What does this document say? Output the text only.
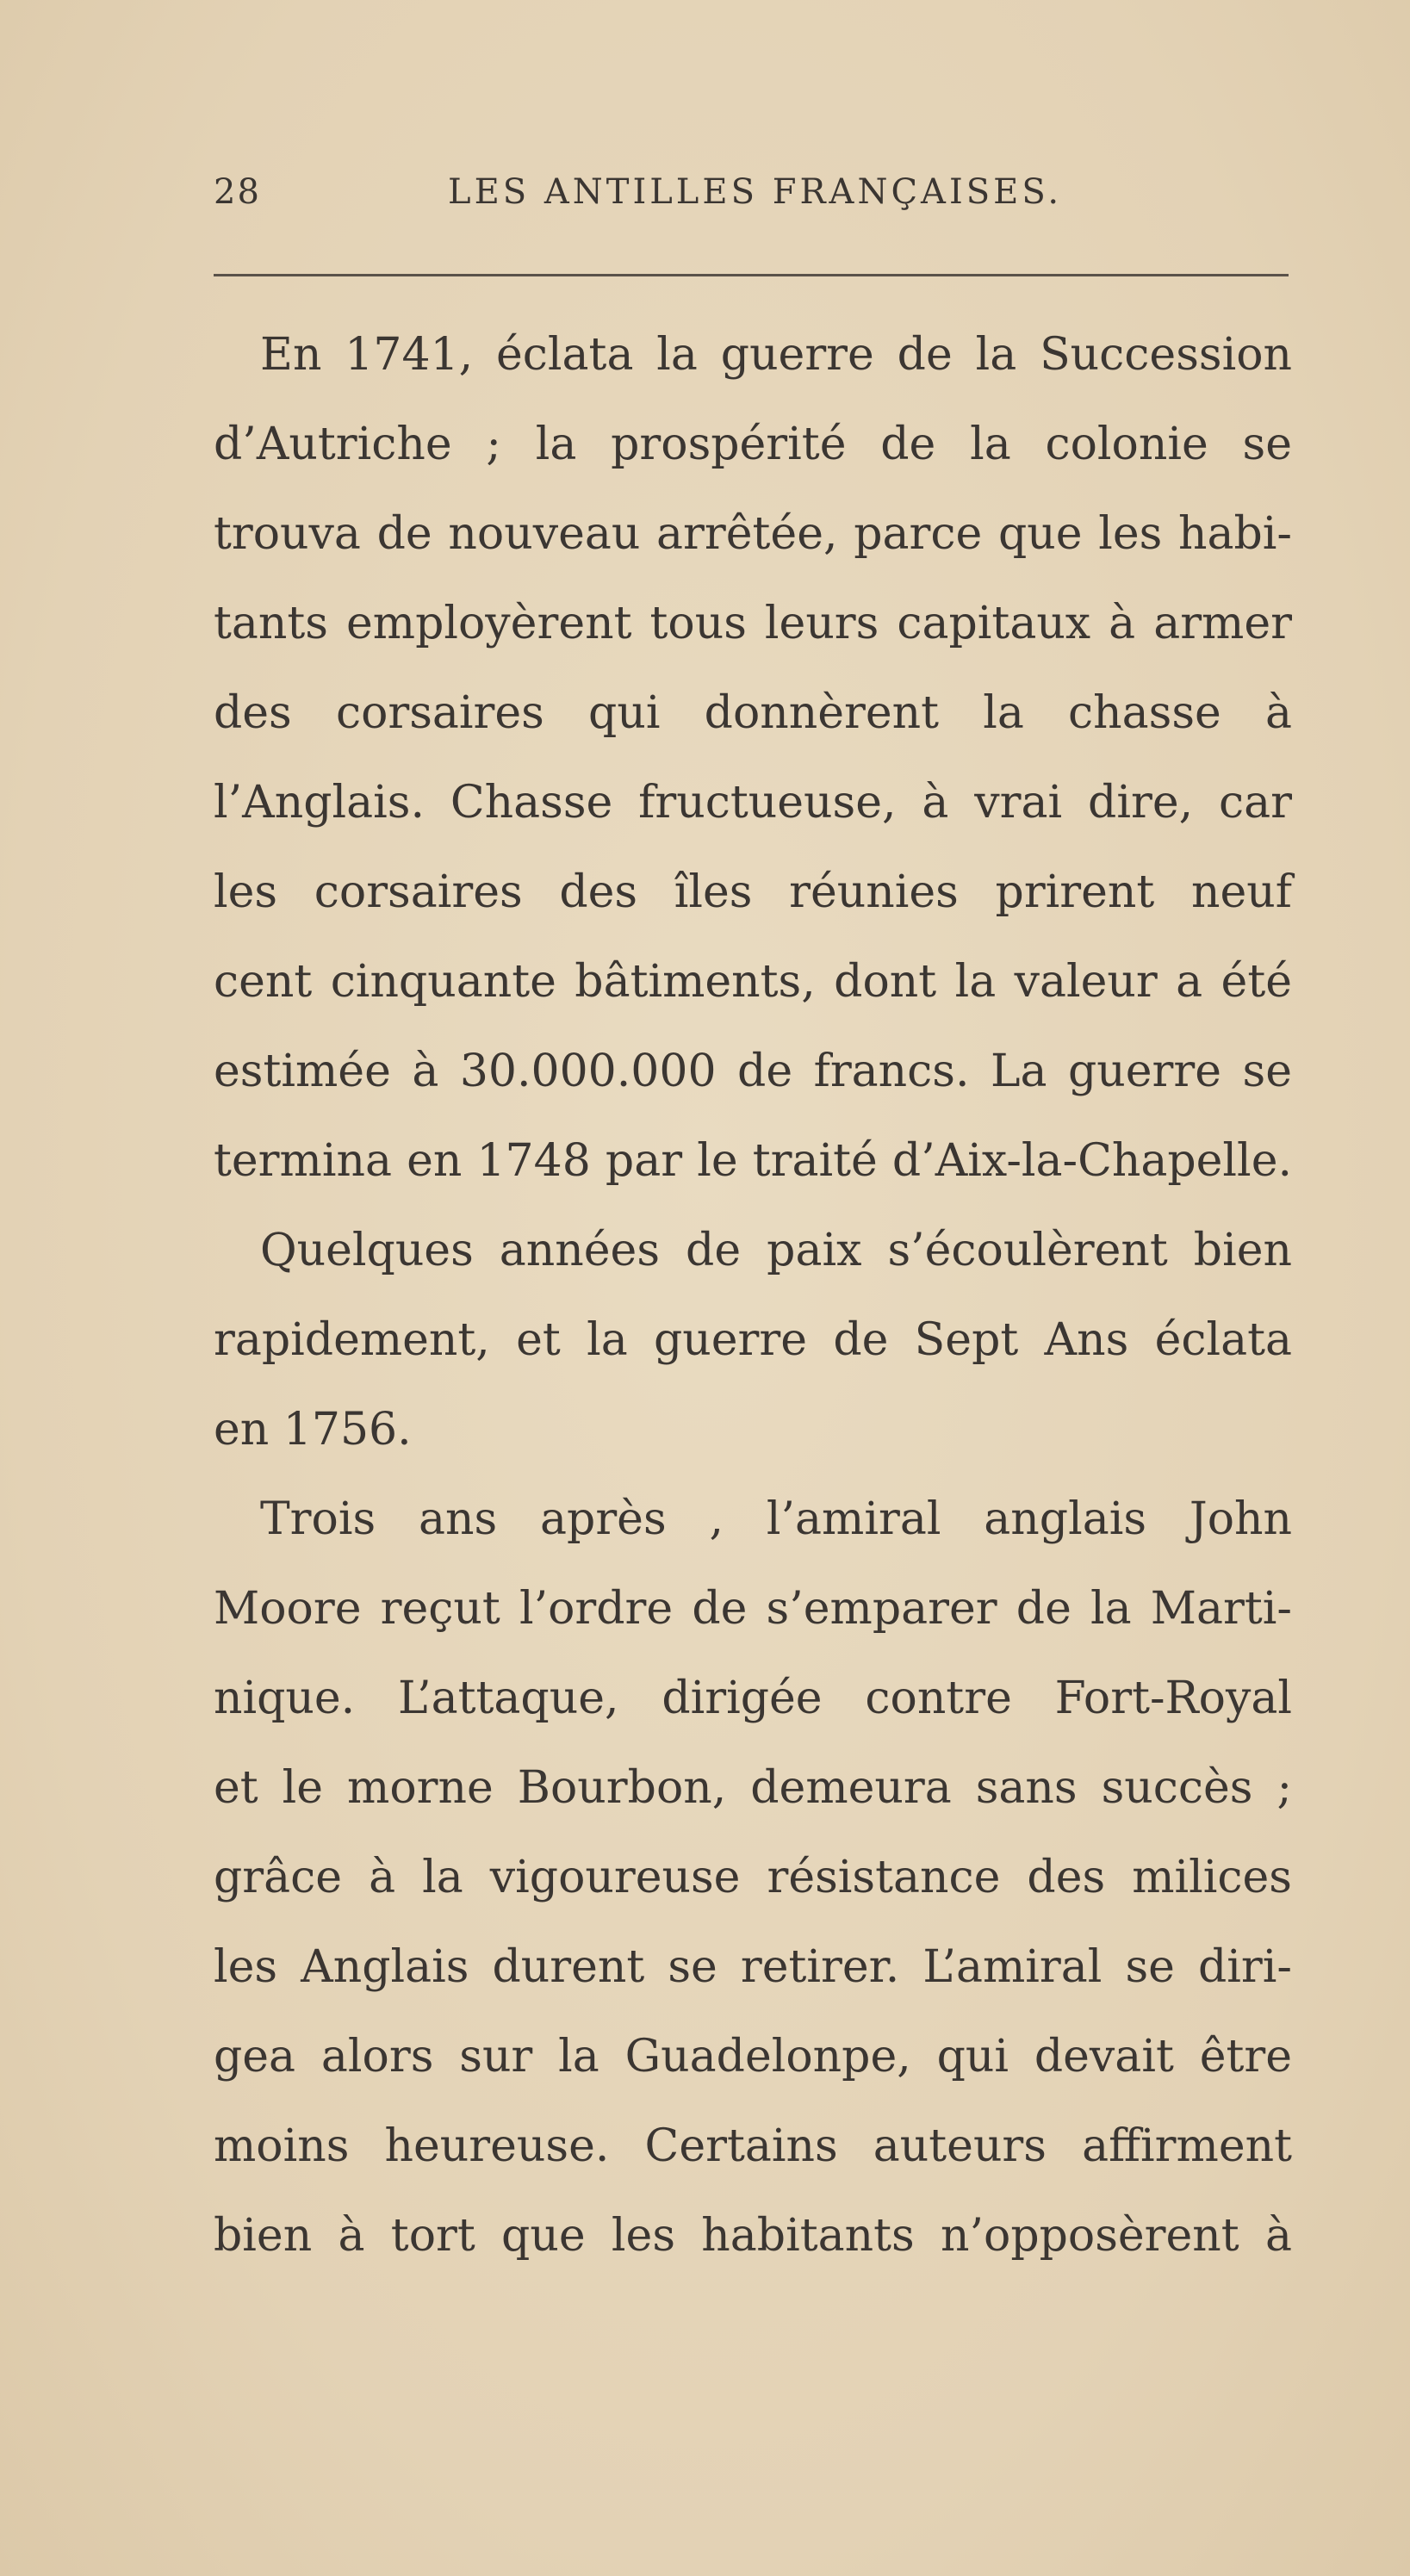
28	LES ANTILLES FRANÇAISES.
En 1741, éclata la guerre de la Succession
d’Autriche ; la prospérité de la colonie se
trouva de nouveau arrêtée, parce que les habi-
tants employèrent tous leurs capitaux à armer
des corsaires qui donnèrent la chasse à
l’Anglais. Chasse fructueuse, à vrai dire, car
les corsaires des îles réunies prirent neuf
cent cinquante bâtiments, dont la valeur a été
estimée à 30.000.000 de francs. La guerre se
termina en 1748 par le traité d’Aix-la-Chapelle.
Quelques années de paix s’écoulèrent bien
rapidement, et la guerre de Sept Ans éclata
en 1756.
Trois ans après , l’amiral anglais John
Moore reçut l’ordre de s’emparer de la Marti-
nique. L’attaque, dirigée contre Fort-Royal
et le morne Bourbon, demeura sans succès ;
grâce à la vigoureuse résistance des milices
les Anglais durent se retirer. L’amiral se diri-
gea alors sur la Guadelonpe, qui devait être
moins heureuse. Certains auteurs affirment
bien à tort que les habitants n’opposèrent à
